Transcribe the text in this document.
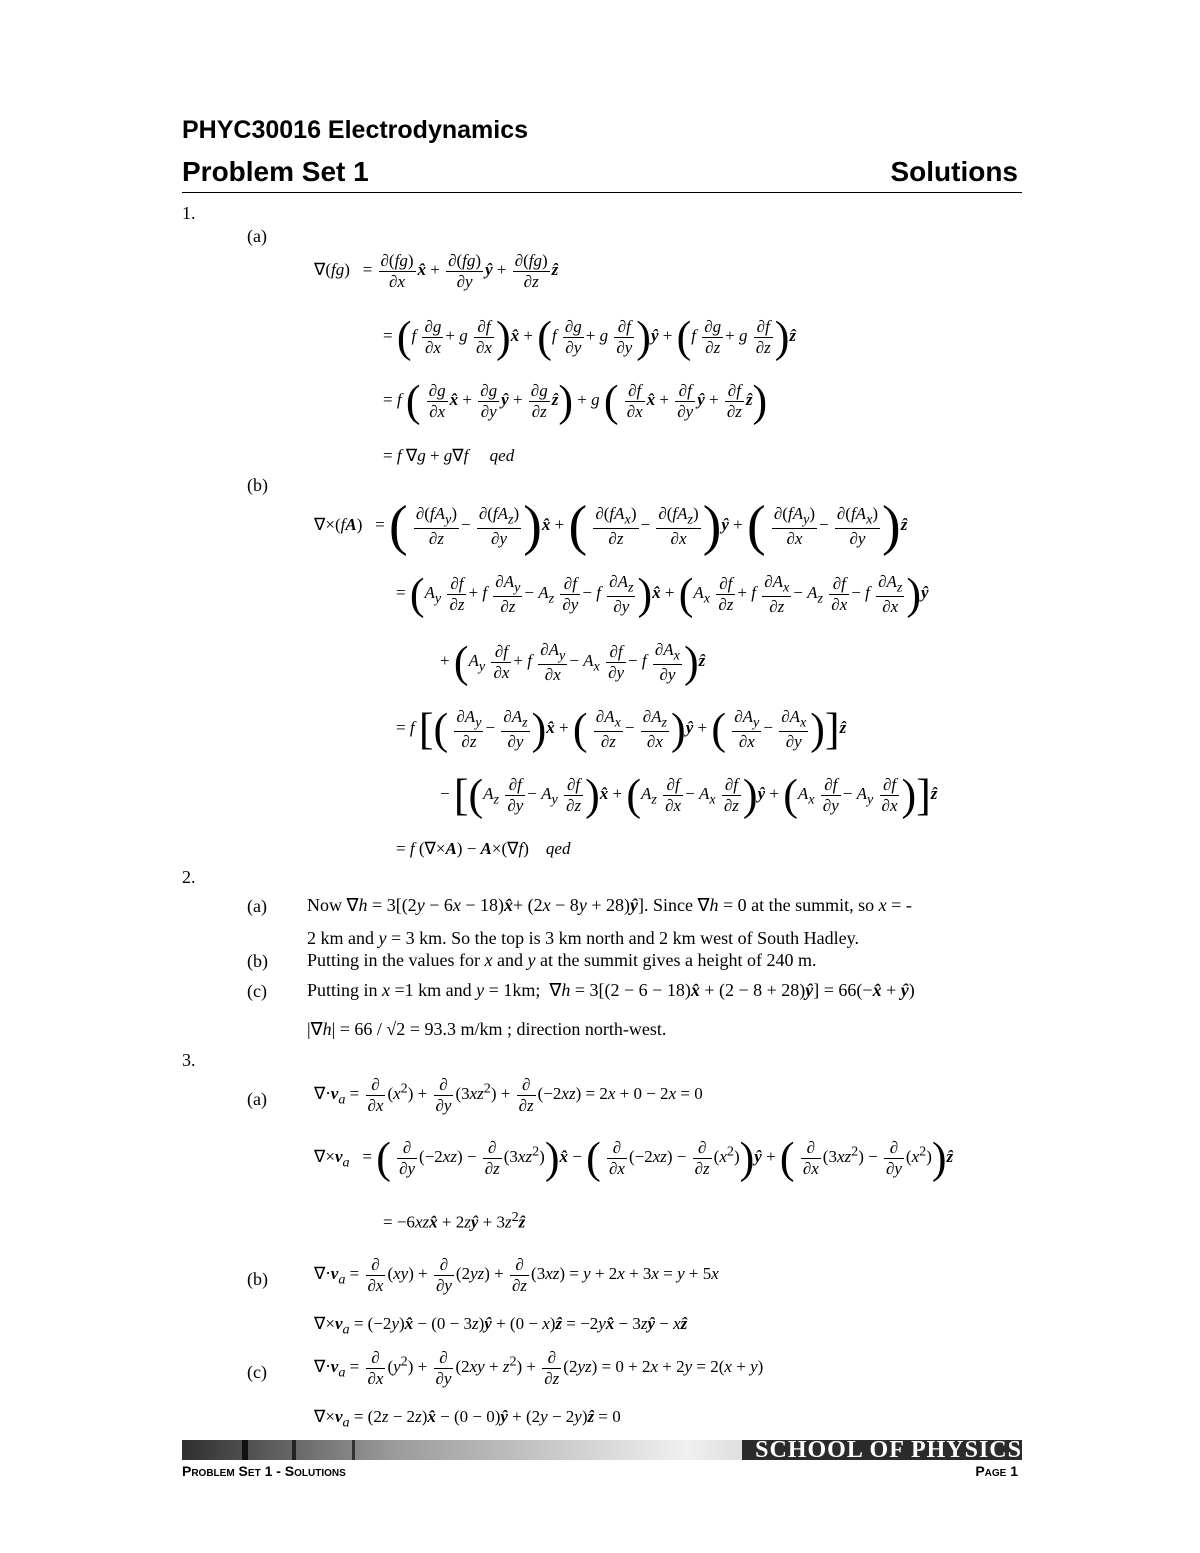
PHYC30016 Electrodynamics
Problem Set 1	Solutions
1.
(a)
$\nabla(fg) = \frac{\partial(fg)}{\partial x}$ x̂ + $\frac{\partial(fg)}{\partial y}$ ŷ + $\frac{\partial(fg)}{\partial z}$ ẑ
= ($f \frac{\partial g}{\partial x} + g \frac{\partial f}{\partial x}$ )x̂ + ($f \frac{\partial g}{\partial y} + g \frac{\partial f}{\partial y}$ )ŷ + ($f \frac{\partial g}{\partial z} + g \frac{\partial f}{\partial z}$ )ẑ
= f ( $\frac{\partial g}{\partial x}$ x̂ + $\frac{\partial g}{\partial y}$ ŷ + $\frac{\partial g}{\partial z}$ ẑ) + g ( $\frac{\partial f}{\partial x}$ x̂ + $\frac{\partial f}{\partial y}$ ŷ + $\frac{\partial f}{\partial z}$ ẑ)
= f ∇g + g∇f qed
(b)
∇×(fA)   = ( $\frac{\partial(fA_y)}{\partial z} - \frac{\partial(fA_z)}{\partial y}$ )x̂ + ( $\frac{\partial(fA_x)}{\partial z} - \frac{\partial(fA_z)}{\partial x}$ )ŷ + ( $\frac{\partial(fA_y)}{\partial x} - \frac{\partial(fA_x)}{\partial y}$ )ẑ
= ($A_y \frac{\partial f}{\partial z} + f \frac{\partial A_y}{\partial z} - A_z \frac{\partial f}{\partial y} - f \frac{\partial A_z}{\partial y}$ )x̂ + ($A_x \frac{\partial f}{\partial z} + f \frac{\partial A_x}{\partial z} - A_z \frac{\partial f}{\partial x} - f \frac{\partial A_z}{\partial x}$ )ŷ
+ ($A_y \frac{\partial f}{\partial x} + f \frac{\partial A_y}{\partial x} - A_x \frac{\partial f}{\partial y} - f \frac{\partial A_x}{\partial y}$ )ẑ
= f [( $\frac{\partial A_y}{\partial z} - \frac{\partial A_z}{\partial y}$ )x̂ + ( $\frac{\partial A_x}{\partial z} - \frac{\partial A_z}{\partial x}$ )ŷ + ( $\frac{\partial A_y}{\partial x} - \frac{\partial A_x}{\partial y}$ )]ẑ
− [($A_z \frac{\partial f}{\partial y} - A_y \frac{\partial f}{\partial z}$ )x̂ + ($A_z \frac{\partial f}{\partial x} - A_x \frac{\partial f}{\partial z}$ )ŷ + ($A_x \frac{\partial f}{\partial y} - A_y \frac{\partial f}{\partial x}$ )]ẑ
= f (∇×A) − A×(∇f)    qed
2.
(a) Now ∇h = 3[(2y − 6x − 18)x̂+ (2x − 8y + 28)ŷ]. Since ∇h = 0 at the summit, so x = -
2 km and y = 3 km. So the top is 3 km north and 2 km west of South Hadley.
(b) Putting in the values for x and y at the summit gives a height of 240 m.
(c) Putting in x =1 km and y = 1km;  ∇h = 3[(2 − 6 − 18)x̂ + (2 − 8 + 28)ŷ] = 66(−x̂ + ŷ)
|∇h| = 66 / √2 = 93.3 m/km ; direction north-west.
3.
(a)	$\nabla\cdot v_a = \frac{\partial}{\partial x} (x^2) + \frac{\partial}{\partial y} (3xz^2) + \frac{\partial}{\partial z} (-2xz) = 2x + 0 - 2x = 0$
$\nabla\times v_a$   = ( $\frac{\partial}{\partial y} (-2xz) - \frac{\partial}{\partial z}$ $(3xz^2))x̂$ − ( $\frac{\partial}{\partial x} (-2xz) - \frac{\partial}{\partial z}$ $(x^2))ŷ$ + ( $\frac{\partial}{\partial x} (3xz^2) - \frac{\partial}{\partial y}$ $(x^2))ẑ$
= −6xzx̂ + 2zŷ + $3z^2ẑ$
(b)	$\nabla\cdot v_a = \frac{\partial}{\partial x} (xy) + \frac{\partial}{\partial y} (2yz) + \frac{\partial}{\partial z} (3xz) = y + 2x + 3x = y + 5x$
$\nabla\times v_a$ = (−2y)x̂ − (0 − 3z)ŷ + (0 − x)ẑ = −2yx̂ − 3zŷ − xẑ
(c)	$\nabla\cdot v_a = \frac{\partial}{\partial x} (y^2) + \frac{\partial}{\partial y} (2xy + z^2) + \frac{\partial}{\partial z} (2yz) = 0 + 2x + 2y = 2(x + y)$
$\nabla\times v_a = (2z$ − 2z)x̂ − (0 − 0)ŷ + (2y − 2y)ẑ = 0
SCHOOL OF PHYSICS
Problem Set 1 - Solutions	Page 1
